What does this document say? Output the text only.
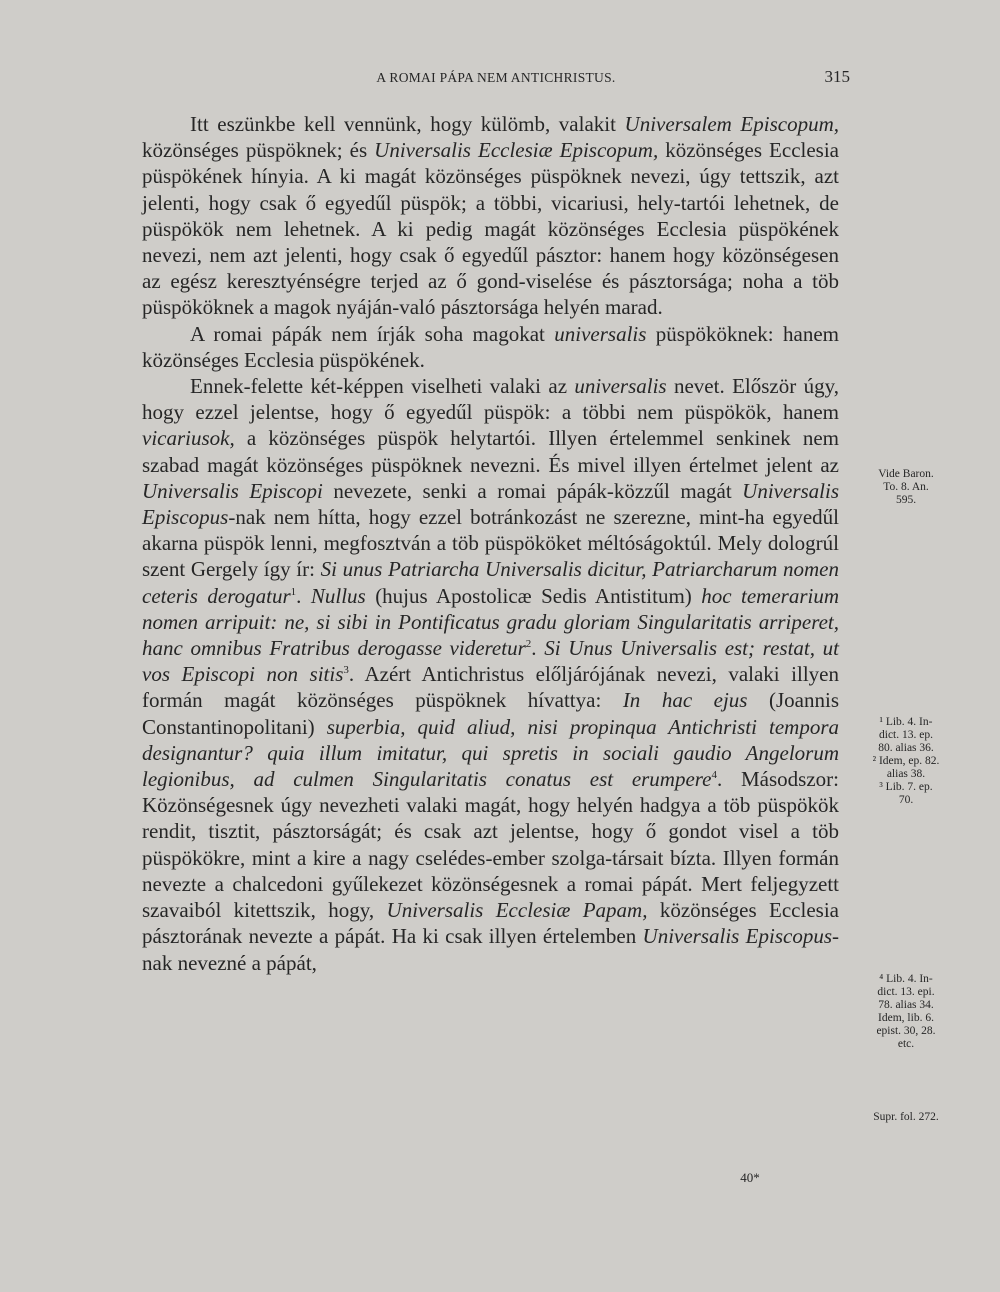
A ROMAI PÁPA NEM ANTICHRISTUS.	315

Itt eszünkbe kell vennünk, hogy külömb, valakit Universalem Episcopum, közönséges püspöknek; és Universalis Ecclesiæ Episcopum, közönséges Ecclesia püspökének hínyia. A ki magát közönséges püspöknek nevezi, úgy tettszik, azt jelenti, hogy csak ő egyedűl püspök; a többi, vicariusi, hely-tartói lehetnek, de püspökök nem lehetnek. A ki pedig magát közönséges Ecclesia püspökének nevezi, nem azt jelenti, hogy csak ő egyedűl pásztor: hanem hogy közönségesen az egész keresztyénségre terjed az ő gond-viselése és pásztorsága; noha a töb püspököknek a magok nyáján-való pásztorsága helyén marad.

A romai pápák nem írják soha magokat universalis püspököknek: hanem közönséges Ecclesia püspökének.

Ennek-felette két-képpen viselheti valaki az universalis nevet. Először úgy, hogy ezzel jelentse, hogy ő egyedűl püspök: a többi nem püspökök, hanem vicariusok, a közönséges püspök helytartói. Illyen értelemmel senkinek nem szabad magát közönséges püspöknek nevezni. És mivel illyen értelmet jelent az Universalis Episcopi nevezete, senki a romai pápák-közzűl magát Universalis Episcopus-nak nem hítta, hogy ezzel botránkozást ne szerezne, mint-ha egyedűl akarna püspök lenni, megfosztván a töb püspököket méltóságoktúl. Mely dologrúl szent Gergely így ír: Si unus Patriarcha Universalis dicitur, Patriarcharum nomen ceteris derogatur$^1$. Nullus (hujus Apostolicæ Sedis Antistitum) hoc temerarium nomen arripuit: ne, si sibi in Pontificatus gradu gloriam Singularitatis arriperet, hanc omnibus Fratribus derogasse videretur$^2$. Si Unus Universalis est; restat, ut vos Episcopi non sitis$^3$. Azért Antichristus előljárójának nevezi, valaki illyen formán magát közönséges püspöknek hívattya: In hac ejus (Joannis Constantinopolitani) superbia, quid aliud, nisi propinqua Antichristi tempora designantur? quia illum imitatur, qui spretis in sociali gaudio Angelorum legionibus, ad culmen Singularitatis conatus est erumpere$^4$. Másodszor: Közönségesnek úgy nevezheti valaki magát, hogy helyén hadgya a töb püspökök rendit, tisztit, pásztorságát; és csak azt jelentse, hogy ő gondot visel a töb püspökökre, mint a kire a nagy cselédes-ember szolga-társait bízta. Illyen formán nevezte a chalcedoni gyűlekezet közönségesnek a romai pápát. Mert feljegyzett szavaiból kitettszik, hogy, Universalis Ecclesiæ Papam, közönséges Ecclesia pásztorának nevezte a pápát. Ha ki csak illyen értelemben Universalis Episcopus-nak nevezné a pápát,

Vide Baron.
To. 8. An.
595.
¹ Lib. 4. In-
dict. 13. ep.
80. alias 36.
² Idem, ep. 82.
alias 38.
³ Lib. 7. ep.
70.
⁴ Lib. 4. In-
dict. 13. epi.
78. alias 34.
Idem, lib. 6.
epist. 30, 28.
etc.
Supr. fol. 272.
40*
